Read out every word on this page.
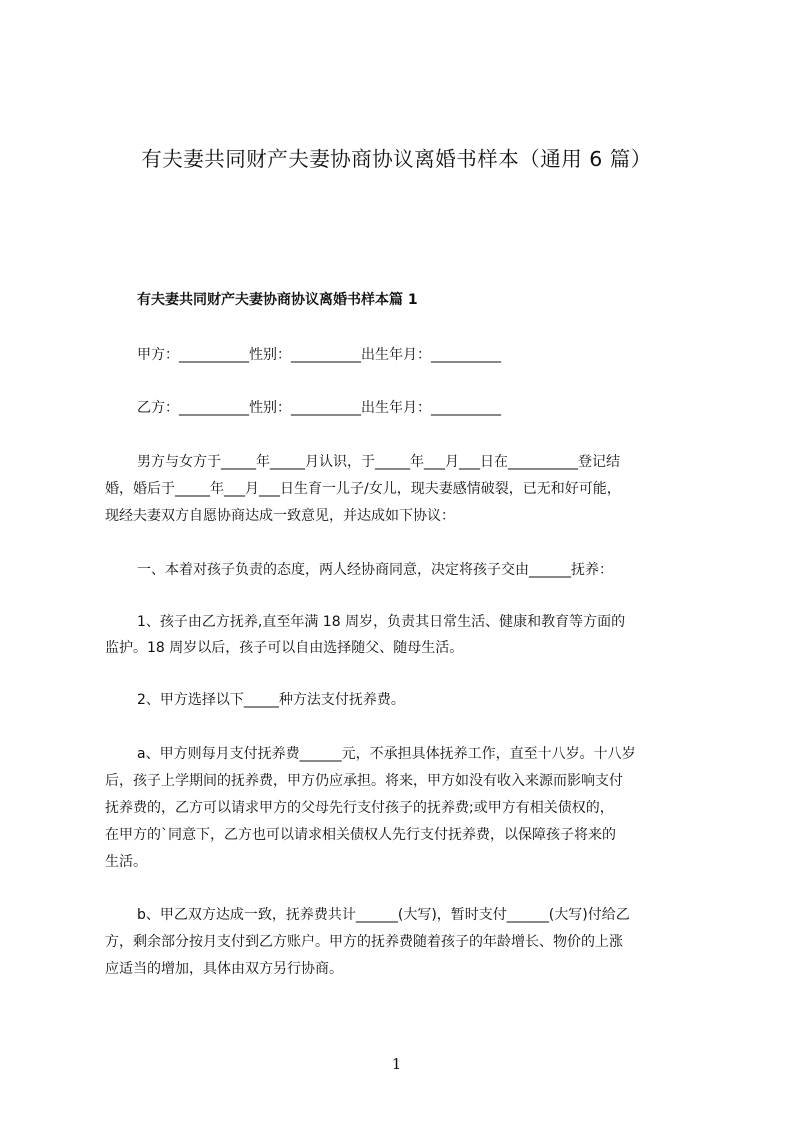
有夫妻共同财产夫妻协商协议离婚书样本（通用 6 篇）
有夫妻共同财产夫妻协商协议离婚书样本篇 1
甲方：__________性别：__________出生年月：__________
乙方：__________性别：__________出生年月：__________
男方与女方于_____年_____月认识，于_____年___月___日在__________登记结
婚，婚后于_____年___月___日生育一儿子/女儿，现夫妻感情破裂，已无和好可能，
现经夫妻双方自愿协商达成一致意见，并达成如下协议：
一、本着对孩子负责的态度，两人经协商同意，决定将孩子交由______抚养：
1、孩子由乙方抚养,直至年满 18 周岁，负责其日常生活、健康和教育等方面的
监护。18 周岁以后，孩子可以自由选择随父、随母生活。
2、甲方选择以下_____种方法支付抚养费。
a、甲方则每月支付抚养费______元，不承担具体抚养工作，直至十八岁。十八岁
后，孩子上学期间的抚养费，甲方仍应承担。将来，甲方如没有收入来源而影响支付
抚养费的，乙方可以请求甲方的父母先行支付孩子的抚养费;或甲方有相关债权的，
在甲方的`同意下，乙方也可以请求相关债权人先行支付抚养费，以保障孩子将来的
生活。
b、甲乙双方达成一致，抚养费共计______(大写)，暂时支付______(大写)付给乙
方，剩余部分按月支付到乙方账户。甲方的抚养费随着孩子的年龄增长、物价的上涨
应适当的增加，具体由双方另行协商。
1
